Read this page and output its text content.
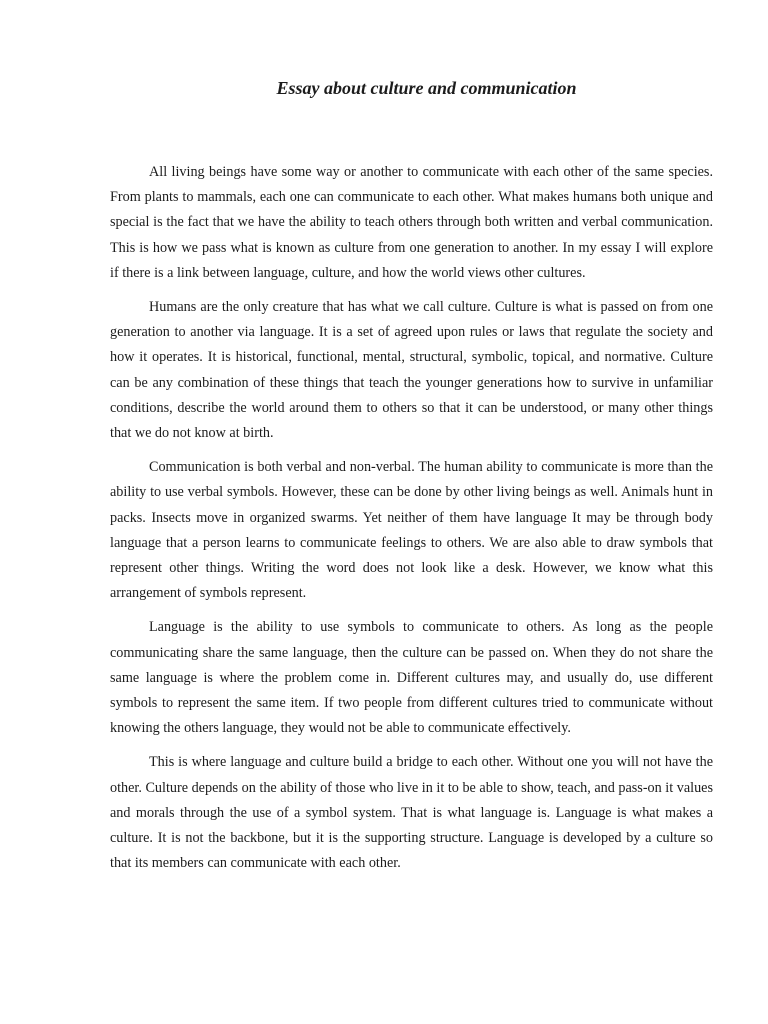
Essay about culture and communication

All living beings have some way or another to communicate with each other of the same species. From plants to mammals, each one can communicate to each other. What makes humans both unique and special is the fact that we have the ability to teach others through both written and verbal communication. This is how we pass what is known as culture from one generation to another. In my essay I will explore if there is a link between language, culture, and how the world views other cultures.

Humans are the only creature that has what we call culture. Culture is what is passed on from one generation to another via language. It is a set of agreed upon rules or laws that regulate the society and how it operates. It is historical, functional, mental, structural, symbolic, topical, and normative. Culture can be any combination of these things that teach the younger generations how to survive in unfamiliar conditions, describe the world around them to others so that it can be understood, or many other things that we do not know at birth.

Communication is both verbal and non-verbal. The human ability to communicate is more than the ability to use verbal symbols. However, these can be done by other living beings as well. Animals hunt in packs. Insects move in organized swarms. Yet neither of them have language It may be through body language that a person learns to communicate feelings to others. We are also able to draw symbols that represent other things. Writing the word does not look like a desk. However, we know what this arrangement of symbols represent.

Language is the ability to use symbols to communicate to others. As long as the people communicating share the same language, then the culture can be passed on. When they do not share the same language is where the problem come in. Different cultures may, and usually do, use different symbols to represent the same item. If two people from different cultures tried to communicate without knowing the others language, they would not be able to communicate effectively.

This is where language and culture build a bridge to each other. Without one you will not have the other. Culture depends on the ability of those who live in it to be able to show, teach, and pass-on it values and morals through the use of a symbol system. That is what language is. Language is what makes a culture. It is not the backbone, but it is the supporting structure. Language is developed by a culture so that its members can communicate with each other.
